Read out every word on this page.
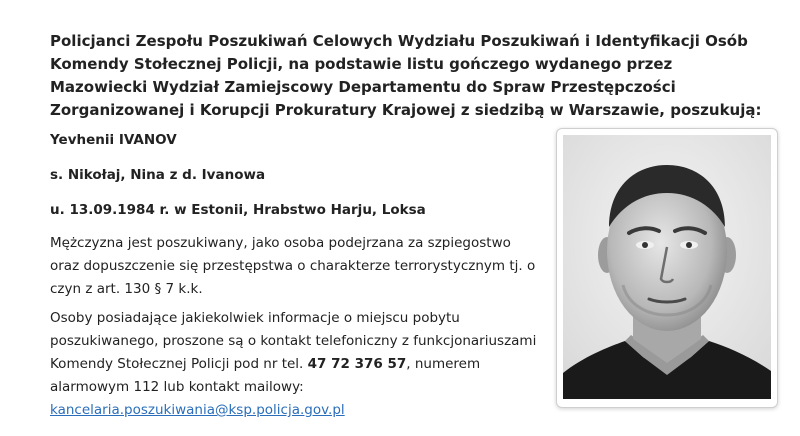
Policjanci Zespołu Poszukiwań Celowych Wydziału Poszukiwań i Identyfikacji Osób Komendy Stołecznej Policji, na podstawie listu gończego wydanego przez Mazowiecki Wydział Zamiejscowy Departamentu do Spraw Przestępczości Zorganizowanej i Korupcji Prokuratury Krajowej z siedzibą w Warszawie, poszukują:

Yevhenii IVANOV

s. Nikołaj, Nina z d. Ivanowa

u. 13.09.1984 r. w Estonii, Hrabstwo Harju, Loksa

Mężczyzna jest poszukiwany, jako osoba podejrzana za szpiegostwo oraz dopuszczenie się przestępstwa o charakterze terrorystycznym tj. o czyn z art. 130 § 7 k.k.

Osoby posiadające jakiekolwiek informacje o miejscu pobytu poszukiwanego, proszone są o kontakt telefoniczny z funkcjonariuszami Komendy Stołecznej Policji pod nr tel. 47 72 376 57, numerem alarmowym 112 lub kontakt mailowy: kancelaria.poszukiwania@ksp.policja.gov.pl
